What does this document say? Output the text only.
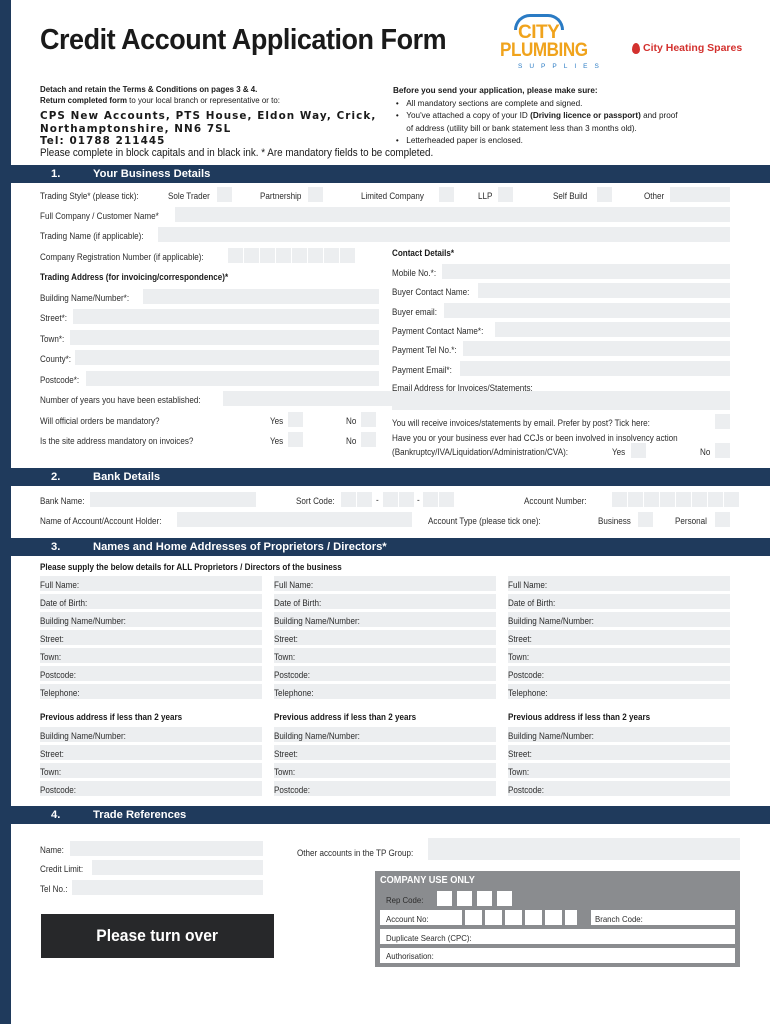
Credit Account Application Form	CITY
PLUMBING
SUPPLIES
City Heating Spares
Detach and retain the Terms & Conditions on pages 3 & 4.
Return completed form to your local branch or representative or to:
CPS New Accounts, PTS House, Eldon Way, Crick,
Northamptonshire, NN6 7SL
Tel: 01788 211445
Before you send your application, please make sure:
• All mandatory sections are complete and signed.
• You've attached a copy of your ID (Driving licence or passport) and proof
of address (utility bill or bank statement less than 3 months old).
• Letterheaded paper is enclosed.
Please complete in block capitals and in black ink. * Are mandatory fields to be completed.
1.	Your Business Details
Trading Style* (please tick):	Sole Trader	Partnership	Limited Company	LLP	Self Build	Other
Full Company / Customer Name*
Trading Name (if applicable):
Company Registration Number (if applicable):
Trading Address (for invoicing/correspondence)*
Building Name/Number*:
Street*:
Town*:
County*:
Postcode*:
Number of years you have been established:
Will official orders be mandatory?	Yes	No
Is the site address mandatory on invoices?	Yes	No
Contact Details*
Mobile No.*:
Buyer Contact Name:
Buyer email:
Payment Contact Name*:
Payment Tel No.*:
Payment Email*:
Email Address for Invoices/Statements:
You will receive invoices/statements by email. Prefer by post? Tick here:
Have you or your business ever had CCJs or been involved in insolvency action
(Bankruptcy/IVA/Liquidation/Administration/CVA):	Yes	No
2.	Bank Details
Bank Name:	Sort Code:	-	-	Account Number:
Name of Account/Account Holder:	Account Type (please tick one):	Business	Personal
3.	Names and Home Addresses of Proprietors / Directors*
Please supply the below details for ALL Proprietors / Directors of the business
Full Name:
Date of Birth:
Building Name/Number:
Street:
Town:
Postcode:
Telephone:
Previous address if less than 2 years
Building Name/Number:
Street:
Town:
Postcode:
Full Name:
Date of Birth:
Building Name/Number:
Street:
Town:
Postcode:
Telephone:
Previous address if less than 2 years
Building Name/Number:
Street:
Town:
Postcode:
Full Name:
Date of Birth:
Building Name/Number:
Street:
Town:
Postcode:
Telephone:
Previous address if less than 2 years
Building Name/Number:
Street:
Town:
Postcode:
4.	Trade References
Name:
Credit Limit:
Tel No.:
Other accounts in the TP Group:
Please turn over
COMPANY USE ONLY
Rep Code:
Account No:	Branch Code:
Duplicate Search (CPC):
Authorisation:
